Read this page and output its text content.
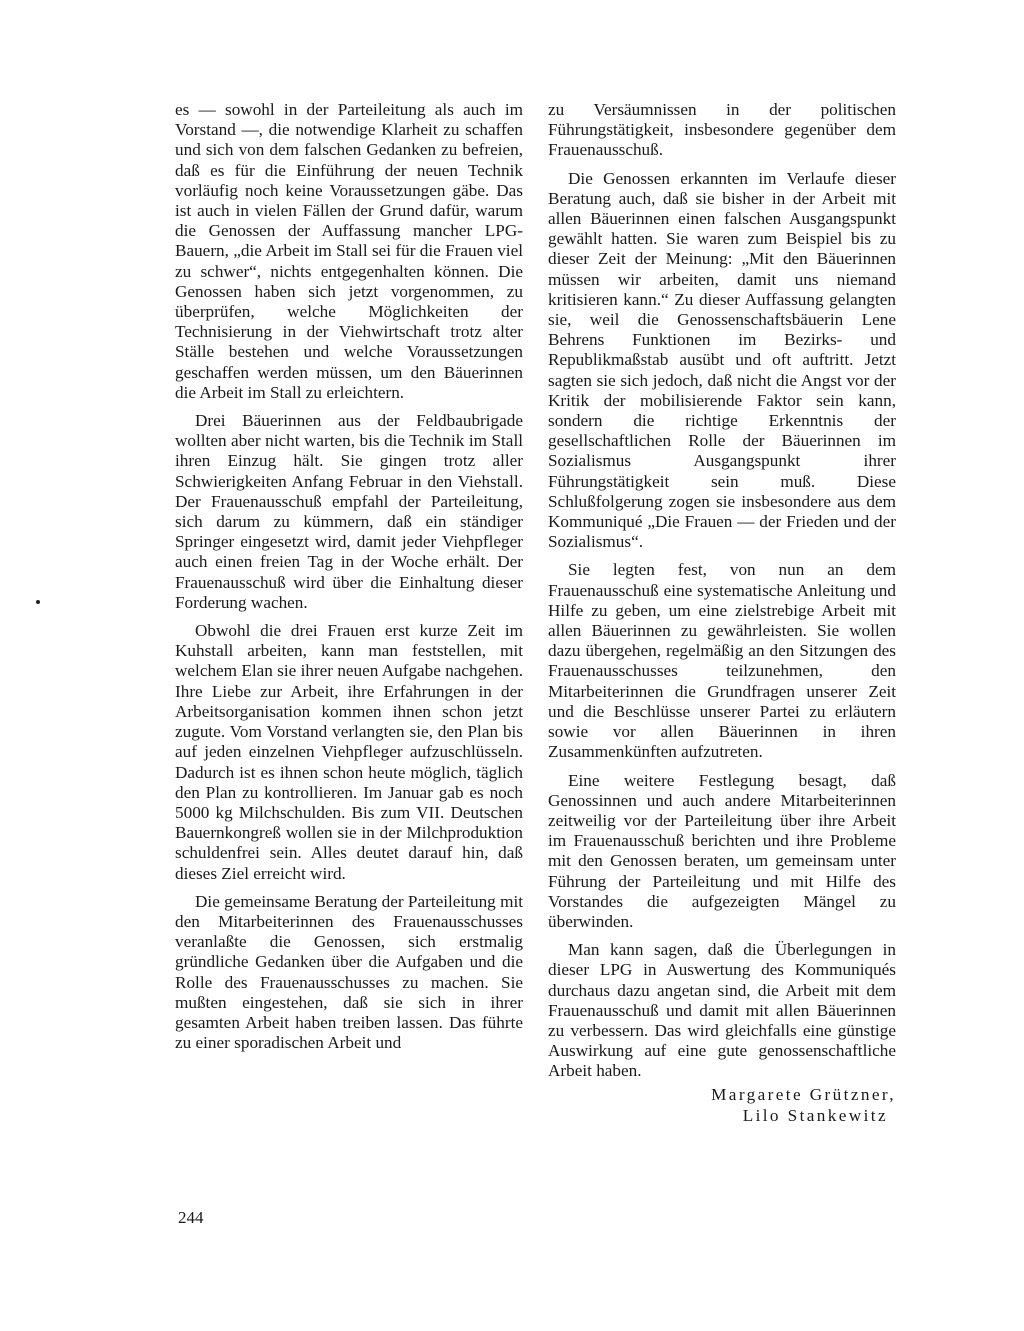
es — sowohl in der Parteileitung als auch im Vorstand —, die notwendige Klarheit zu schaffen und sich von dem falschen Gedanken zu befreien, daß es für die Einführung der neuen Technik vorläufig noch keine Voraussetzungen gäbe. Das ist auch in vielen Fällen der Grund dafür, warum die Genossen der Auffassung mancher LPG-Bauern, „die Arbeit im Stall sei für die Frauen viel zu schwer“, nichts entgegenhalten können. Die Genossen haben sich jetzt vorgenommen, zu überprüfen, welche Möglichkeiten der Technisierung in der Viehwirtschaft trotz alter Ställe bestehen und welche Voraussetzungen geschaffen werden müssen, um den Bäuerinnen die Arbeit im Stall zu erleichtern.

Drei Bäuerinnen aus der Feldbaubrigade wollten aber nicht warten, bis die Technik im Stall ihren Einzug hält. Sie gingen trotz aller Schwierigkeiten Anfang Februar in den Viehstall. Der Frauenausschuß empfahl der Parteileitung, sich darum zu kümmern, daß ein ständiger Springer eingesetzt wird, damit jeder Viehpfleger auch einen freien Tag in der Woche erhält. Der Frauenausschuß wird über die Einhaltung dieser Forderung wachen.

Obwohl die drei Frauen erst kurze Zeit im Kuhstall arbeiten, kann man feststellen, mit welchem Elan sie ihrer neuen Aufgabe nachgehen. Ihre Liebe zur Arbeit, ihre Erfahrungen in der Arbeitsorganisation kommen ihnen schon jetzt zugute. Vom Vorstand verlangten sie, den Plan bis auf jeden einzelnen Viehpfleger aufzuschlüsseln. Dadurch ist es ihnen schon heute möglich, täglich den Plan zu kontrollieren. Im Januar gab es noch 5000 kg Milchschulden. Bis zum VII. Deutschen Bauernkongreß wollen sie in der Milchproduktion schuldenfrei sein. Alles deutet darauf hin, daß dieses Ziel erreicht wird.

Die gemeinsame Beratung der Parteileitung mit den Mitarbeiterinnen des Frauenausschusses veranlaßte die Genossen, sich erstmalig gründliche Gedanken über die Aufgaben und die Rolle des Frauenausschusses zu machen. Sie mußten eingestehen, daß sie sich in ihrer gesamten Arbeit haben treiben lassen. Das führte zu einer sporadischen Arbeit und

zu Versäumnissen in der politischen Führungstätigkeit, insbesondere gegenüber dem Frauenausschuß.

Die Genossen erkannten im Verlaufe dieser Beratung auch, daß sie bisher in der Arbeit mit allen Bäuerinnen einen falschen Ausgangspunkt gewählt hatten. Sie waren zum Beispiel bis zu dieser Zeit der Meinung: „Mit den Bäuerinnen müssen wir arbeiten, damit uns niemand kritisieren kann.“ Zu dieser Auffassung gelangten sie, weil die Genossenschaftsbäuerin Lene Behrens Funktionen im Bezirks- und Republikmaßstab ausübt und oft auftritt. Jetzt sagten sie sich jedoch, daß nicht die Angst vor der Kritik der mobilisierende Faktor sein kann, sondern die richtige Erkenntnis der gesellschaftlichen Rolle der Bäuerinnen im Sozialismus Ausgangspunkt ihrer Führungstätigkeit sein muß. Diese Schlußfolgerung zogen sie insbesondere aus dem Kommuniqué „Die Frauen — der Frieden und der Sozialismus“.

Sie legten fest, von nun an dem Frauenausschuß eine systematische Anleitung und Hilfe zu geben, um eine zielstrebige Arbeit mit allen Bäuerinnen zu gewährleisten. Sie wollen dazu übergehen, regelmäßig an den Sitzungen des Frauenausschusses teilzunehmen, den Mitarbeiterinnen die Grundfragen unserer Zeit und die Beschlüsse unserer Partei zu erläutern sowie vor allen Bäuerinnen in ihren Zusammenkünften aufzutreten.

Eine weitere Festlegung besagt, daß Genossinnen und auch andere Mitarbeiterinnen zeitweilig vor der Parteileitung über ihre Arbeit im Frauenausschuß berichten und ihre Probleme mit den Genossen beraten, um gemeinsam unter Führung der Parteileitung und mit Hilfe des Vorstandes die aufgezeigten Mängel zu überwinden.

Man kann sagen, daß die Überlegungen in dieser LPG in Auswertung des Kommuniqués durchaus dazu angetan sind, die Arbeit mit dem Frauenausschuß und damit mit allen Bäuerinnen zu verbessern. Das wird gleichfalls eine günstige Auswirkung auf eine gute genossenschaftliche Arbeit haben.

Margarete Grützner,
Lilo Stankewitz
244
